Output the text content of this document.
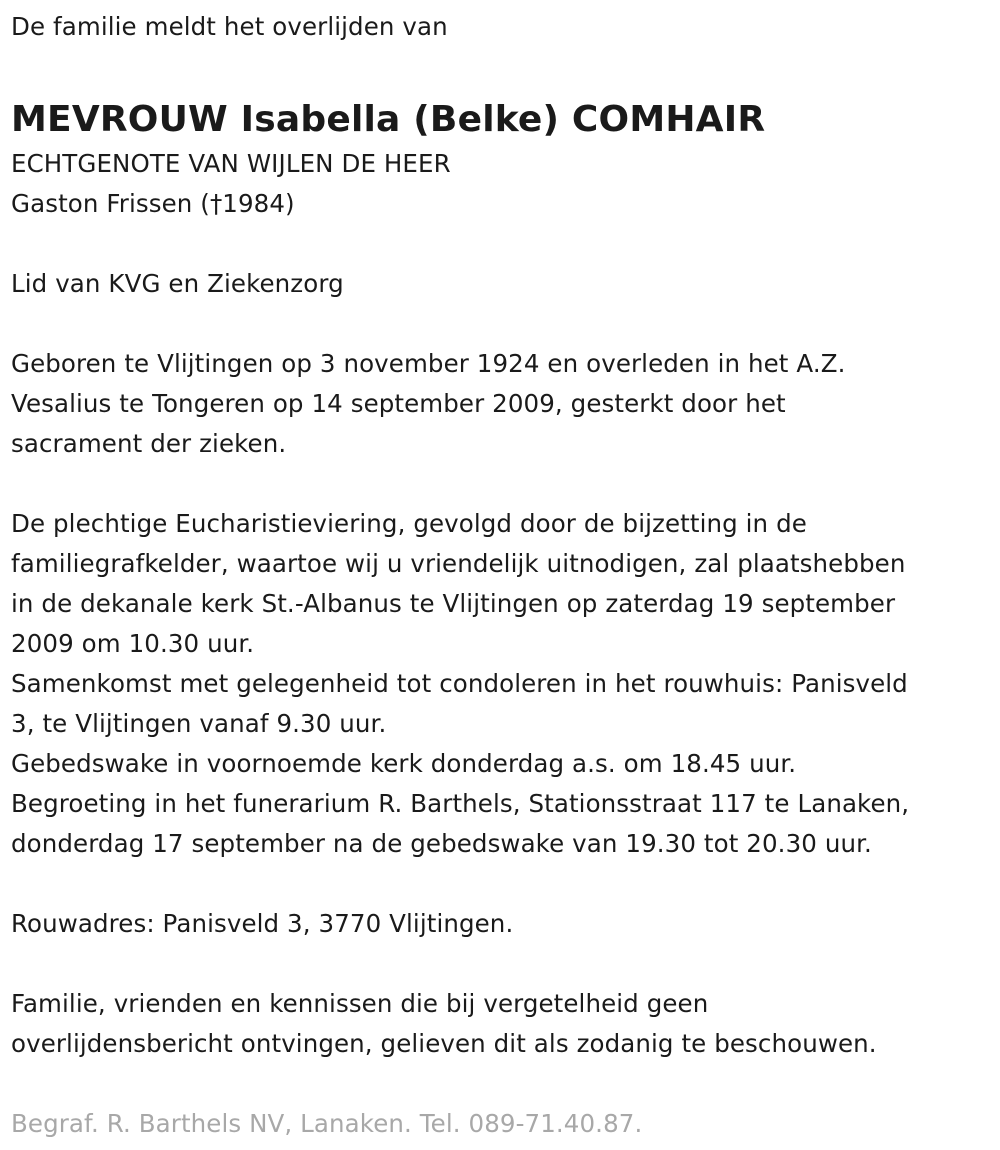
De familie meldt het overlijden van
MEVROUW Isabella (Belke) COMHAIR
ECHTGENOTE VAN WIJLEN DE HEER
Gaston Frissen (†1984)
Lid van KVG en Ziekenzorg
Geboren te Vlijtingen op 3 november 1924 en overleden in het A.Z.
Vesalius te Tongeren op 14 september 2009, gesterkt door het
sacrament der zieken.
De plechtige Eucharistieviering, gevolgd door de bijzetting in de
familiegrafkelder, waartoe wij u vriendelijk uitnodigen, zal plaatshebben
in de dekanale kerk St.-Albanus te Vlijtingen op zaterdag 19 september
2009 om 10.30 uur.
Samenkomst met gelegenheid tot condoleren in het rouwhuis: Panisveld
3, te Vlijtingen vanaf 9.30 uur.
Gebedswake in voornoemde kerk donderdag a.s. om 18.45 uur.
Begroeting in het funerarium R. Barthels, Stationsstraat 117 te Lanaken,
donderdag 17 september na de gebedswake van 19.30 tot 20.30 uur.
Rouwadres: Panisveld 3, 3770 Vlijtingen.
Familie, vrienden en kennissen die bij vergetelheid geen
overlijdensbericht ontvingen, gelieven dit als zodanig te beschouwen.
Begraf. R. Barthels NV, Lanaken. Tel. 089-71.40.87.
